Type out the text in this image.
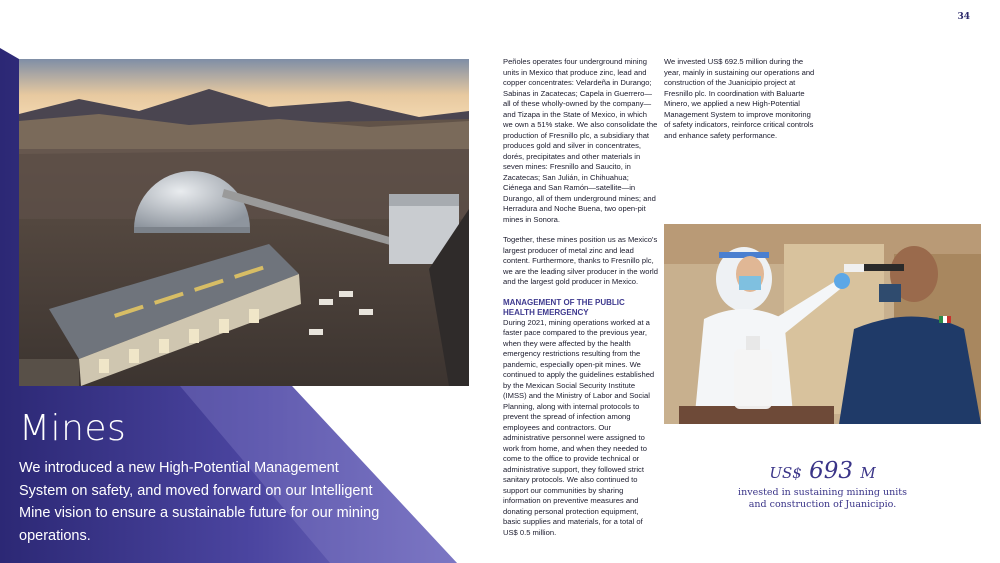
34
Mines
We introduced a new High-Potential Management System on safety, and moved forward on our Intelligent Mine vision to ensure a sustainable future for our mining operations.

Peñoles operates four underground mining units in Mexico that produce zinc, lead and copper concentrates: Velardeña in Durango; Sabinas in Zacatecas; Capela in Guerrero—all of these wholly-owned by the company—and Tizapa in the State of Mexico, in which we own a 51% stake. We also consolidate the production of Fresnillo plc, a subsidiary that produces gold and silver in concentrates, dorés, precipitates and other materials in seven mines: Fresnillo and Saucito, in Zacatecas; San Julián, in Chihuahua; Ciénega and San Ramón—satellite—in Durango, all of them underground mines; and Herradura and Noche Buena, two open-pit mines in Sonora.

Together, these mines position us as Mexico's largest producer of metal zinc and lead content. Furthermore, thanks to Fresnillo plc, we are the leading silver producer in the world and the largest gold producer in Mexico.

MANAGEMENT OF THE PUBLIC HEALTH EMERGENCY

During 2021, mining operations worked at a faster pace compared to the previous year, when they were affected by the health emergency restrictions resulting from the pandemic, especially open-pit mines. We continued to apply the guidelines established by the Mexican Social Security Institute (IMSS) and the Ministry of Labor and Social Planning, along with internal protocols to prevent the spread of infection among employees and contractors. Our administrative personnel were assigned to work from home, and when they needed to come to the office to provide technical or administrative support, they followed strict sanitary protocols. We also continued to support our communities by sharing information on preventive measures and donating personal protection equipment, basic supplies and materials, for a total of US$ 0.5 million.

We invested US$ 692.5 million during the year, mainly in sustaining our operations and construction of the Juanicipio project at Fresnillo plc. In coordination with Baluarte Minero, we applied a new High-Potential Management System to improve monitoring of safety indicators, reinforce critical controls and enhance safety performance.

US$ 693 M
invested in sustaining mining units
and construction of Juanicipio.
